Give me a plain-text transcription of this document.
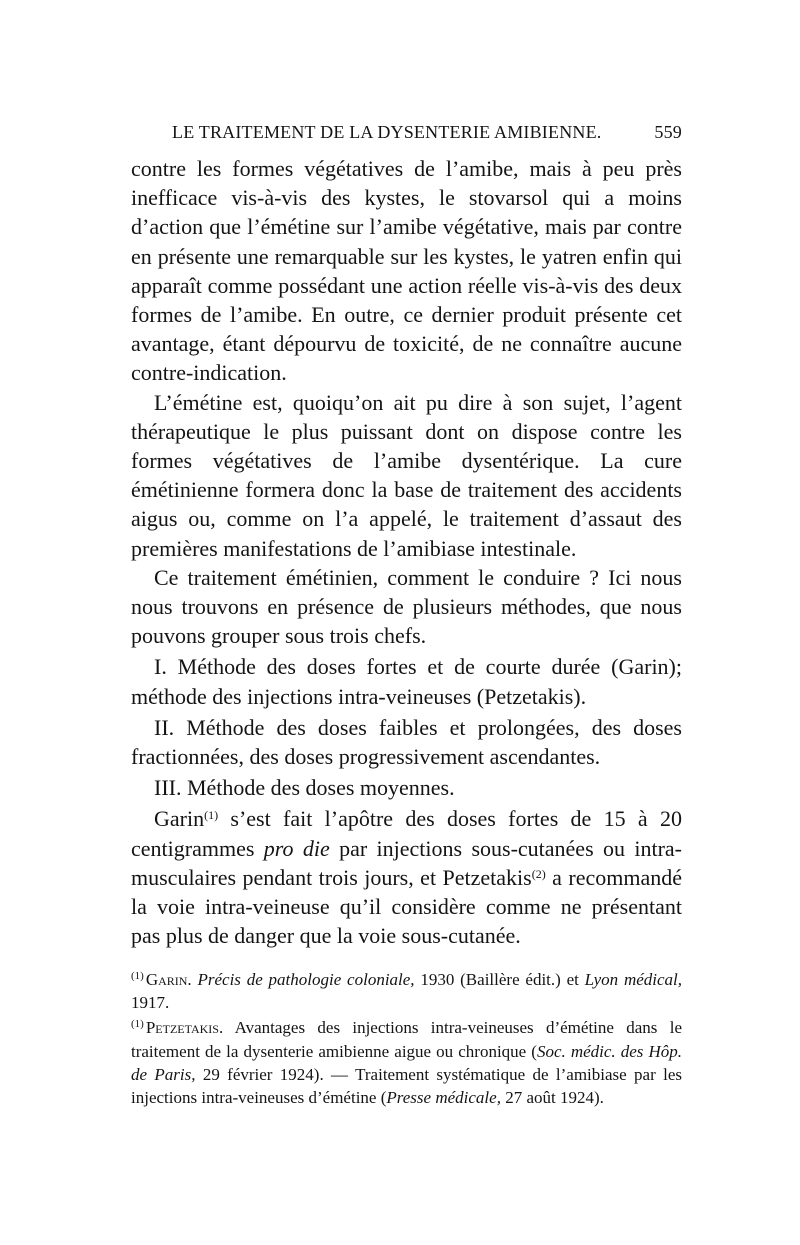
LE TRAITEMENT DE LA DYSENTERIE AMIBIENNE.	559

contre les formes végétatives de l’amibe, mais à peu près inefficace vis-à-vis des kystes, le stovarsol qui a moins d’action que l’émétine sur l’amibe végétative, mais par contre en présente une remarquable sur les kystes, le yatren enfin qui apparaît comme possédant une action réelle vis-à-vis des deux formes de l’amibe. En outre, ce dernier produit présente cet avantage, étant dépourvu de toxicité, de ne connaître aucune contre-indication.

L’émétine est, quoiqu’on ait pu dire à son sujet, l’agent thérapeutique le plus puissant dont on dispose contre les formes végétatives de l’amibe dysentérique. La cure émétinienne formera donc la base de traitement des accidents aigus ou, comme on l’a appelé, le traitement d’assaut des premières manifestations de l’amibiase intestinale.

Ce traitement émétinien, comment le conduire ? Ici nous nous trouvons en présence de plusieurs méthodes, que nous pouvons grouper sous trois chefs.

I. Méthode des doses fortes et de courte durée (Garin); méthode des injections intra-veineuses (Petzetakis).

II. Méthode des doses faibles et prolongées, des doses fractionnées, des doses progressivement ascendantes.

III. Méthode des doses moyennes.

Garin$^{(1)}$ s’est fait l’apôtre des doses fortes de 15 à 20 centigrammes pro die par injections sous-cutanées ou intra-musculaires pendant trois jours, et Petzetakis$^{(2)}$ a recommandé la voie intra-veineuse qu’il considère comme ne présentant pas plus de danger que la voie sous-cutanée.

$^{(1)}$ Garin. Précis de pathologie coloniale, 1930 (Baillère édit.) et Lyon médical, 1917.

$^{(1)}$ Petzetakis. Avantages des injections intra-veineuses d’émétine dans le traitement de la dysenterie amibienne aigue ou chronique (Soc. médic. des Hôp. de Paris, 29 février 1924). — Traitement systématique de l’amibiase par les injections intra-veineuses d’émétine (Presse médicale, 27 août 1924).
